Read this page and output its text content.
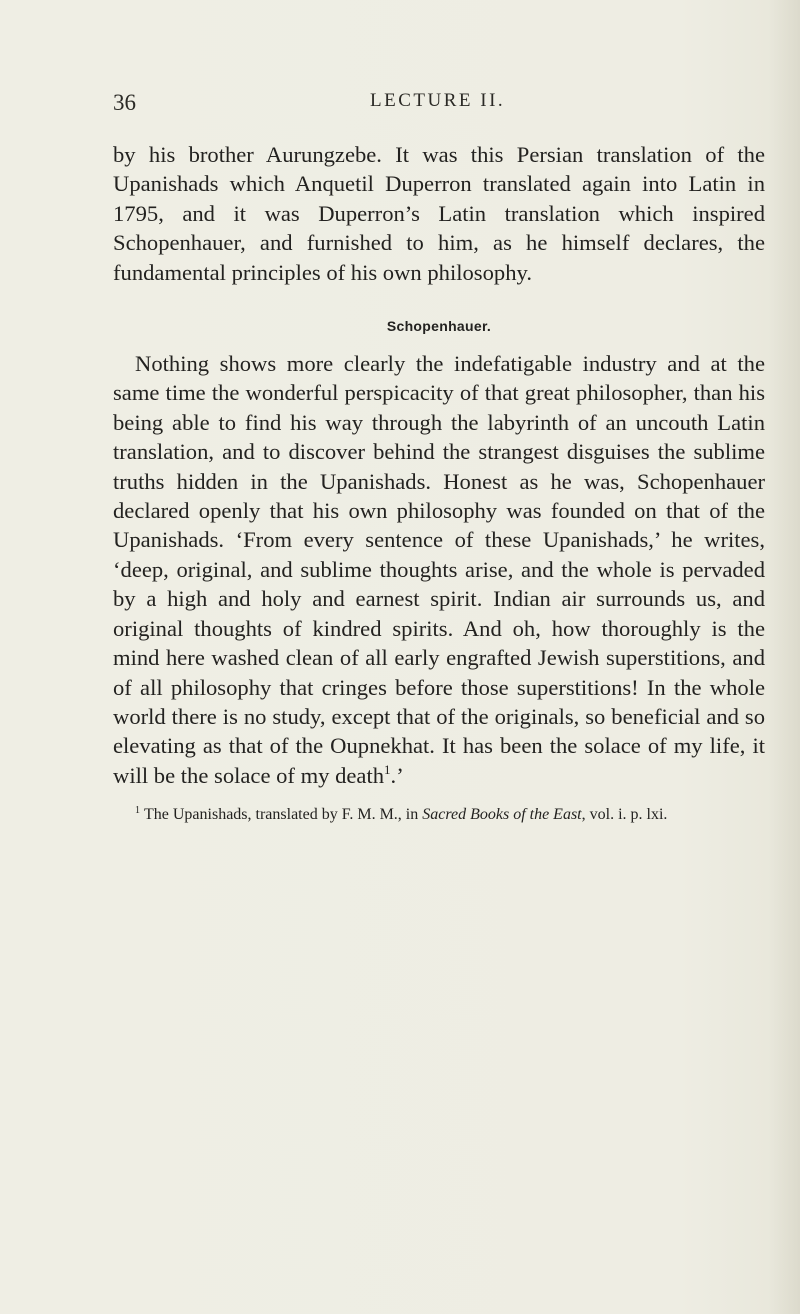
36	LECTURE II.

by his brother Aurungzebe. It was this Persian translation of the Upanishads which Anquetil Duperron translated again into Latin in 1795, and it was Duperron’s Latin translation which inspired Schopenhauer, and furnished to him, as he himself declares, the fundamental principles of his own philosophy.

Schopenhauer.

Nothing shows more clearly the indefatigable industry and at the same time the wonderful perspicacity of that great philosopher, than his being able to find his way through the labyrinth of an uncouth Latin translation, and to discover behind the strangest disguises the sublime truths hidden in the Upanishads. Honest as he was, Schopenhauer declared openly that his own philosophy was founded on that of the Upanishads. ‘From every sentence of these Upanishads,’ he writes, ‘deep, original, and sublime thoughts arise, and the whole is pervaded by a high and holy and earnest spirit. Indian air surrounds us, and original thoughts of kindred spirits. And oh, how thoroughly is the mind here washed clean of all early engrafted Jewish superstitions, and of all philosophy that cringes before those superstitions! In the whole world there is no study, except that of the originals, so beneficial and so elevating as that of the Oupnekhat. It has been the solace of my life, it will be the solace of my death$^1$.’

$^1$ The Upanishads, translated by F. M. M., in Sacred Books of the East, vol. i. p. lxi.
